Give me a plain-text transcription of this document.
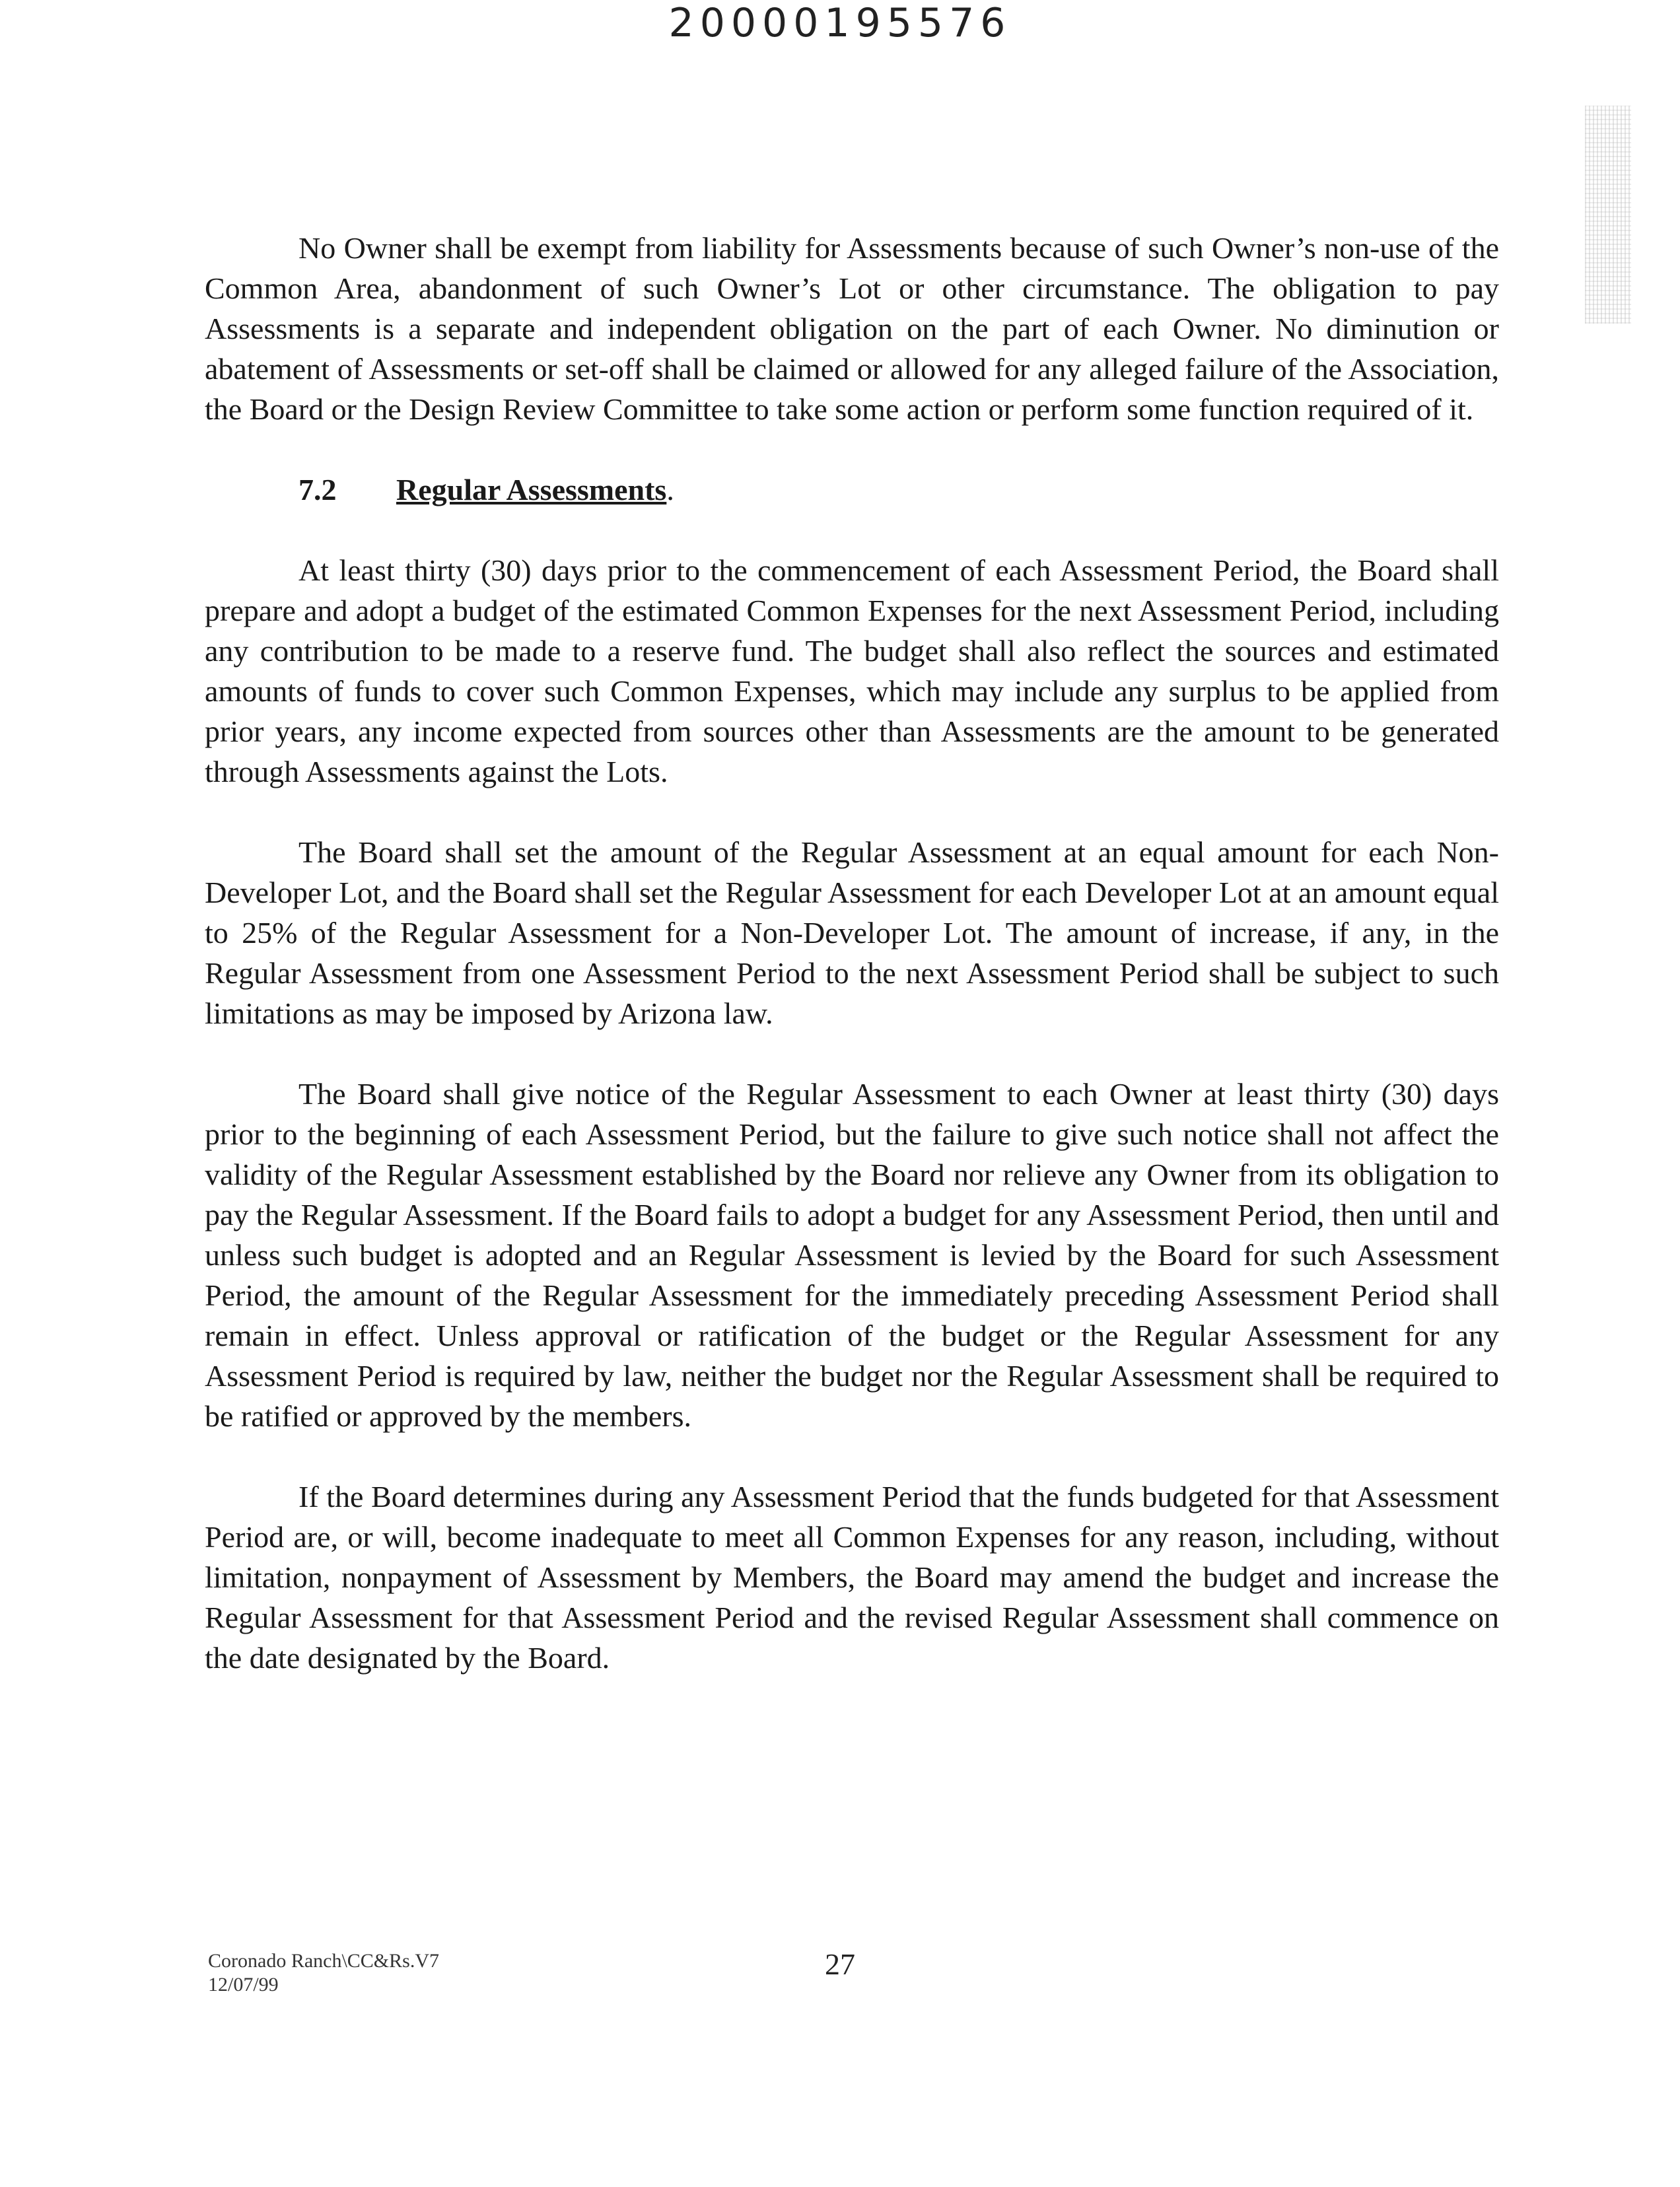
20000195576

No Owner shall be exempt from liability for Assessments because of such Owner’s non-use of the Common Area, abandonment of such Owner’s Lot or other circumstance. The obligation to pay Assessments is a separate and independent obligation on the part of each Owner. No diminution or abatement of Assessments or set-off shall be claimed or allowed for any alleged failure of the Association, the Board or the Design Review Committee to take some action or perform some function required of it.

7.2 Regular Assessments.

At least thirty (30) days prior to the commencement of each Assessment Period, the Board shall prepare and adopt a budget of the estimated Common Expenses for the next Assessment Period, including any contribution to be made to a reserve fund. The budget shall also reflect the sources and estimated amounts of funds to cover such Common Expenses, which may include any surplus to be applied from prior years, any income expected from sources other than Assessments are the amount to be generated through Assessments against the Lots.

The Board shall set the amount of the Regular Assessment at an equal amount for each Non-Developer Lot, and the Board shall set the Regular Assessment for each Developer Lot at an amount equal to 25% of the Regular Assessment for a Non-Developer Lot. The amount of increase, if any, in the Regular Assessment from one Assessment Period to the next Assessment Period shall be subject to such limitations as may be imposed by Arizona law.

The Board shall give notice of the Regular Assessment to each Owner at least thirty (30) days prior to the beginning of each Assessment Period, but the failure to give such notice shall not affect the validity of the Regular Assessment established by the Board nor relieve any Owner from its obligation to pay the Regular Assessment. If the Board fails to adopt a budget for any Assessment Period, then until and unless such budget is adopted and an Regular Assessment is levied by the Board for such Assessment Period, the amount of the Regular Assessment for the immediately preceding Assessment Period shall remain in effect. Unless approval or ratification of the budget or the Regular Assessment for any Assessment Period is required by law, neither the budget nor the Regular Assessment shall be required to be ratified or approved by the members.

If the Board determines during any Assessment Period that the funds budgeted for that Assessment Period are, or will, become inadequate to meet all Common Expenses for any reason, including, without limitation, nonpayment of Assessment by Members, the Board may amend the budget and increase the Regular Assessment for that Assessment Period and the revised Regular Assessment shall commence on the date designated by the Board.

Coronado Ranch\CC&Rs.V7
12/07/99
27
